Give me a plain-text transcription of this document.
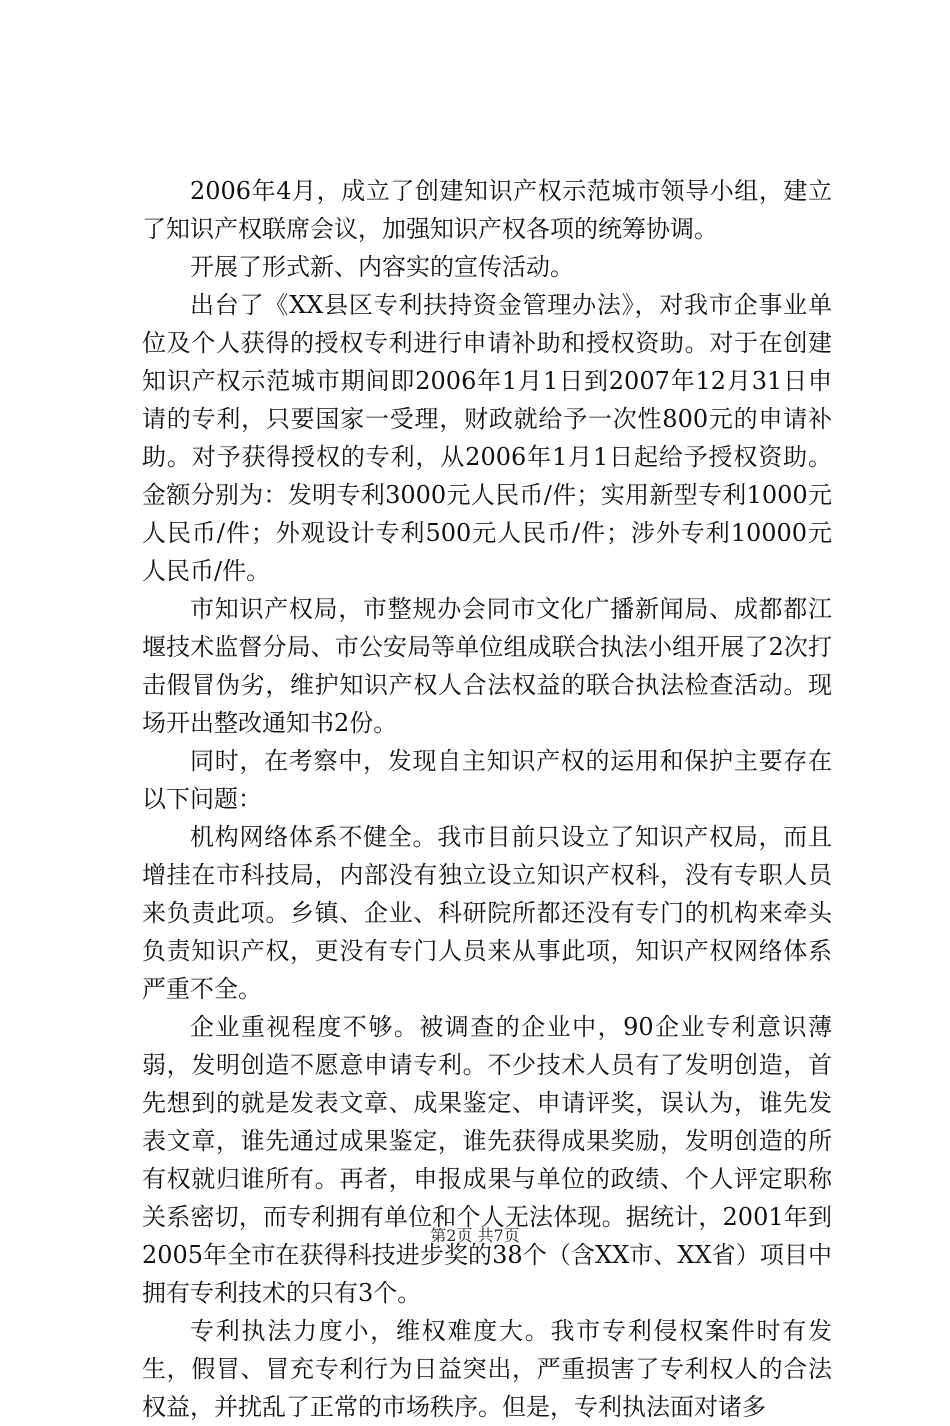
2006年4月，成立了创建知识产权示范城市领导小组，建立了知识产权联席会议，加强知识产权各项的统筹协调。

开展了形式新、内容实的宣传活动。

出台了《XX县区专利扶持资金管理办法》，对我市企事业单位及个人获得的授权专利进行申请补助和授权资助。对于在创建知识产权示范城市期间即2006年1月1日到2007年12月31日申请的专利，只要国家一受理，财政就给予一次性800元的申请补助。对予获得授权的专利，从2006年1月1日起给予授权资助。金额分别为：发明专利3000元人民币/件；实用新型专利1000元人民币/件；外观设计专利500元人民币/件；涉外专利10000元人民币/件。

市知识产权局，市整规办会同市文化广播新闻局、成都都江堰技术监督分局、市公安局等单位组成联合执法小组开展了2次打击假冒伪劣，维护知识产权人合法权益的联合执法检查活动。现场开出整改通知书2份。

同时，在考察中，发现自主知识产权的运用和保护主要存在以下问题：

机构网络体系不健全。我市目前只设立了知识产权局，而且增挂在市科技局，内部没有独立设立知识产权科，没有专职人员来负责此项。乡镇、企业、科研院所都还没有专门的机构来牵头负责知识产权，更没有专门人员来从事此项，知识产权网络体系严重不全。

企业重视程度不够。被调查的企业中，90企业专利意识薄弱，发明创造不愿意申请专利。不少技术人员有了发明创造，首先想到的就是发表文章、成果鉴定、申请评奖，误认为，谁先发表文章，谁先通过成果鉴定，谁先获得成果奖励，发明创造的所有权就归谁所有。再者，申报成果与单位的政绩、个人评定职称关系密切，而专利拥有单位和个人无法体现。据统计，2001年到2005年全市在获得科技进步奖的38个（含XX市、XX省）项目中拥有专利技术的只有3个。

专利执法力度小，维权难度大。我市专利侵权案件时有发生，假冒、冒充专利行为日益突出，严重损害了专利权人的合法权益，并扰乱了正常的市场秩序。但是，专利执法面对诸多

第2页 共7页
